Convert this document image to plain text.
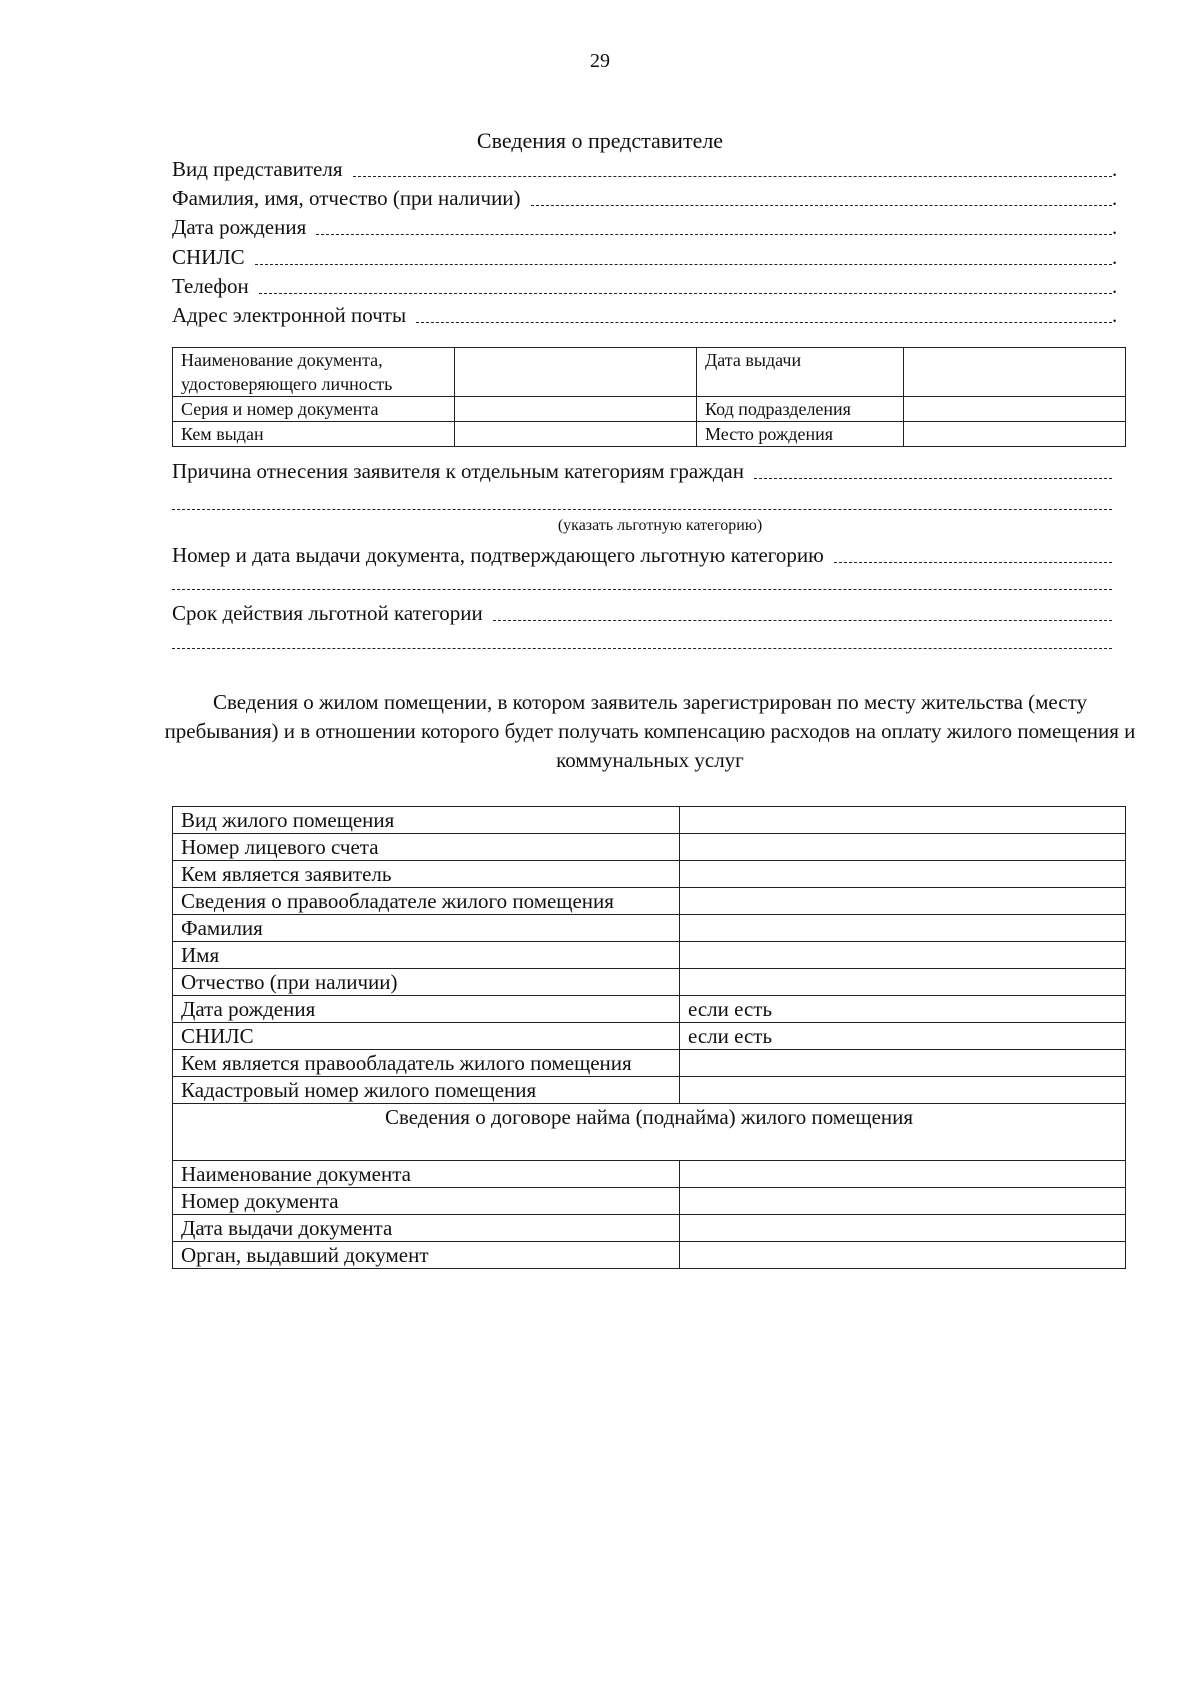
29
Сведения о представителе
Вид представителя	.
Фамилия, имя, отчество (при наличии)	.
Дата рождения	.
СНИЛС	.
Телефон	.
Адрес электронной почты	.
Наименование документа, удостоверяющего личность		Дата выдачи	
Серия и номер документа		Код подразделения	
Кем выдан		Место рождения	
Причина отнесения заявителя к отдельным категориям граждан
(указать льготную категорию)
Номер и дата выдачи документа, подтверждающего льготную категорию
Срок действия льготной категории
Сведения о жилом помещении, в котором заявитель зарегистрирован по месту жительства (месту пребывания) и в отношении которого будет получать компенсацию расходов на оплату жилого помещения и коммунальных услуг
Вид жилого помещения	
Номер лицевого счета	
Кем является заявитель	
Сведения о правообладателе жилого помещения	
Фамилия	
Имя	
Отчество (при наличии)	
Дата рождения	если есть
СНИЛС	если есть
Кем является правообладатель жилого помещения	
Кадастровый номер жилого помещения	
Сведения о договоре найма (поднайма) жилого помещения	
Наименование документа	
Номер документа	
Дата выдачи документа	
Орган, выдавший документ	
